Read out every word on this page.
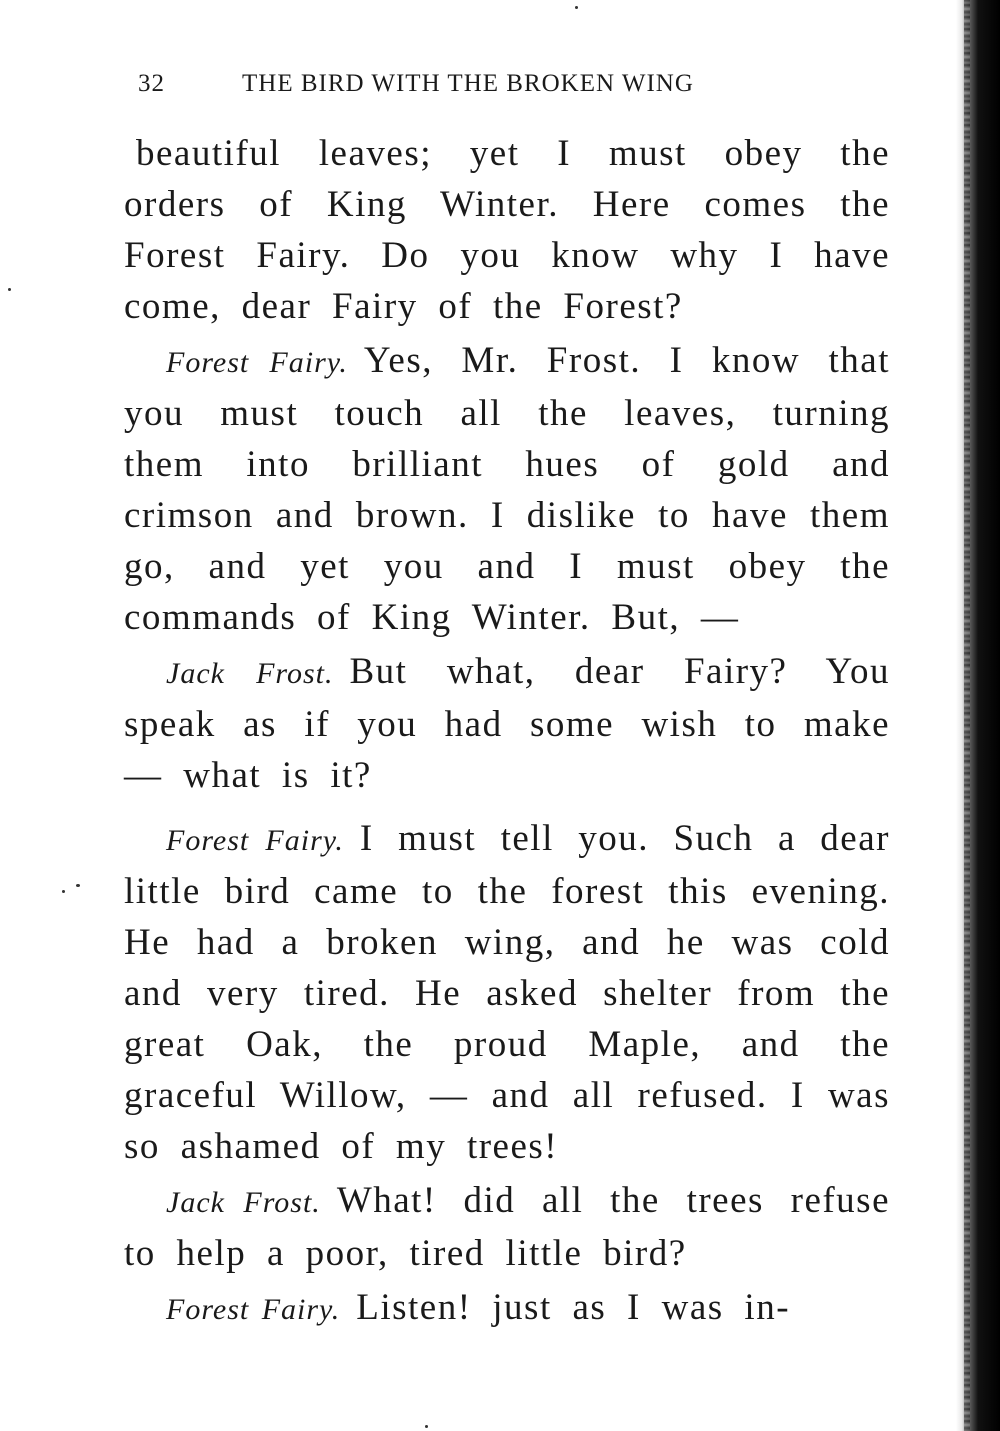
32	THE BIRD WITH THE BROKEN WING

beautiful leaves; yet I must obey the orders of King Winter. Here comes the Forest Fairy. Do you know why I have come, dear Fairy of the Forest?

Forest Fairy. Yes, Mr. Frost. I know that you must touch all the leaves, turning them into brilliant hues of gold and crimson and brown. I dislike to have them go, and yet you and I must obey the commands of King Winter. But, —

Jack Frost. But what, dear Fairy? You speak as if you had some wish to make — what is it?

Forest Fairy. I must tell you. Such a dear little bird came to the forest this evening. He had a broken wing, and he was cold and very tired. He asked shelter from the great Oak, the proud Maple, and the graceful Willow, — and all refused. I was so ashamed of my trees!

Jack Frost. What! did all the trees refuse to help a poor, tired little bird?

Forest Fairy. Listen! just as I was in-
